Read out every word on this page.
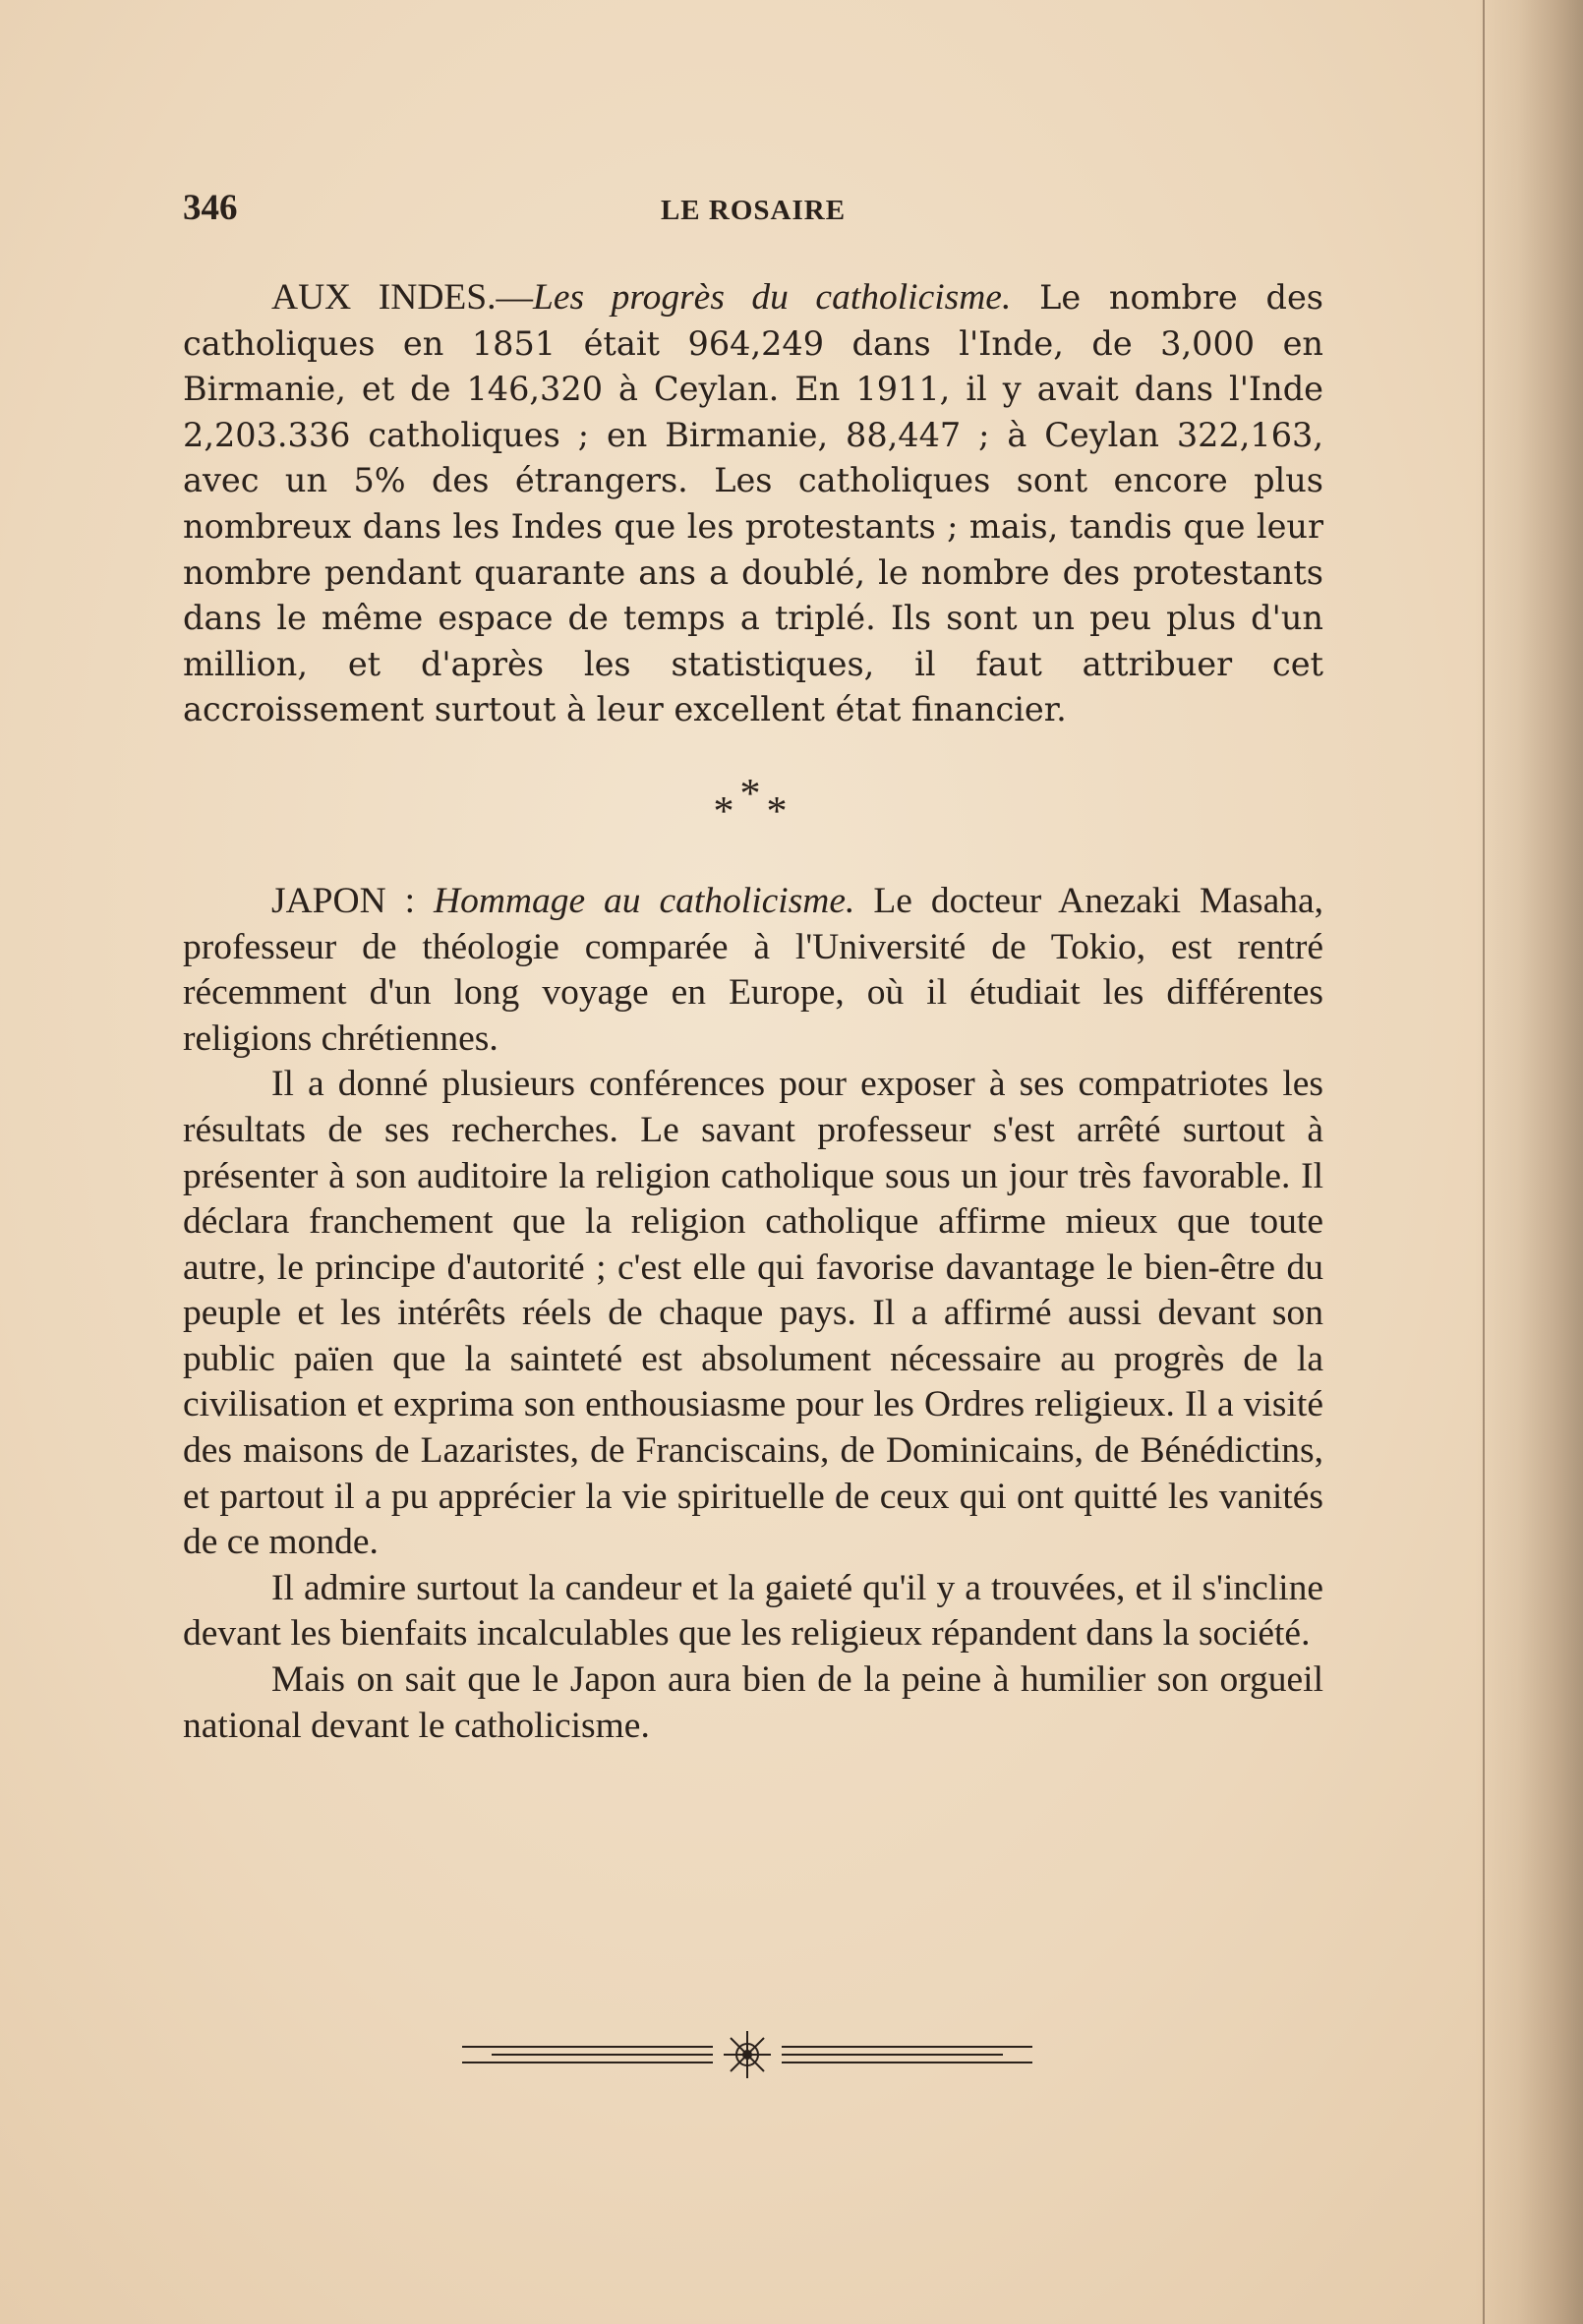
346	LE ROSAIRE

AUX INDES.—Les progrès du catholicisme. Le nombre des catholiques en 1851 était 964,249 dans l'Inde, de 3,000 en Birmanie, et de 146,320 à Ceylan. En 1911, il y avait dans l'Inde 2,203.336 catholiques ; en Birmanie, 88,447 ; à Ceylan 322,163, avec un 5% des étrangers. Les catholiques sont encore plus nombreux dans les Indes que les protestants ; mais, tandis que leur nombre pendant quarante ans a doublé, le nombre des protestants dans le même espace de temps a triplé. Ils sont un peu plus d'un million, et d'après les statistiques, il faut attribuer cet accroissement surtout à leur excellent état financier.

***

JAPON : Hommage au catholicisme. Le docteur Anezaki Masaha, professeur de théologie comparée à l'Université de Tokio, est rentré récemment d'un long voyage en Europe, où il étudiait les différentes religions chrétiennes.

Il a donné plusieurs conférences pour exposer à ses compatriotes les résultats de ses recherches. Le savant professeur s'est arrêté surtout à présenter à son auditoire la religion catholique sous un jour très favorable. Il déclara franchement que la religion catholique affirme mieux que toute autre, le principe d'autorité ; c'est elle qui favorise davantage le bien-être du peuple et les intérêts réels de chaque pays. Il a affirmé aussi devant son public païen que la sainteté est absolument nécessaire au progrès de la civilisation et exprima son enthousiasme pour les Ordres religieux. Il a visité des maisons de Lazaristes, de Franciscains, de Dominicains, de Bénédictins, et partout il a pu apprécier la vie spirituelle de ceux qui ont quitté les vanités de ce monde.

Il admire surtout la candeur et la gaieté qu'il y a trouvées, et il s'incline devant les bienfaits incalculables que les religieux répandent dans la société.

Mais on sait que le Japon aura bien de la peine à humilier son orgueil national devant le catholicisme.
